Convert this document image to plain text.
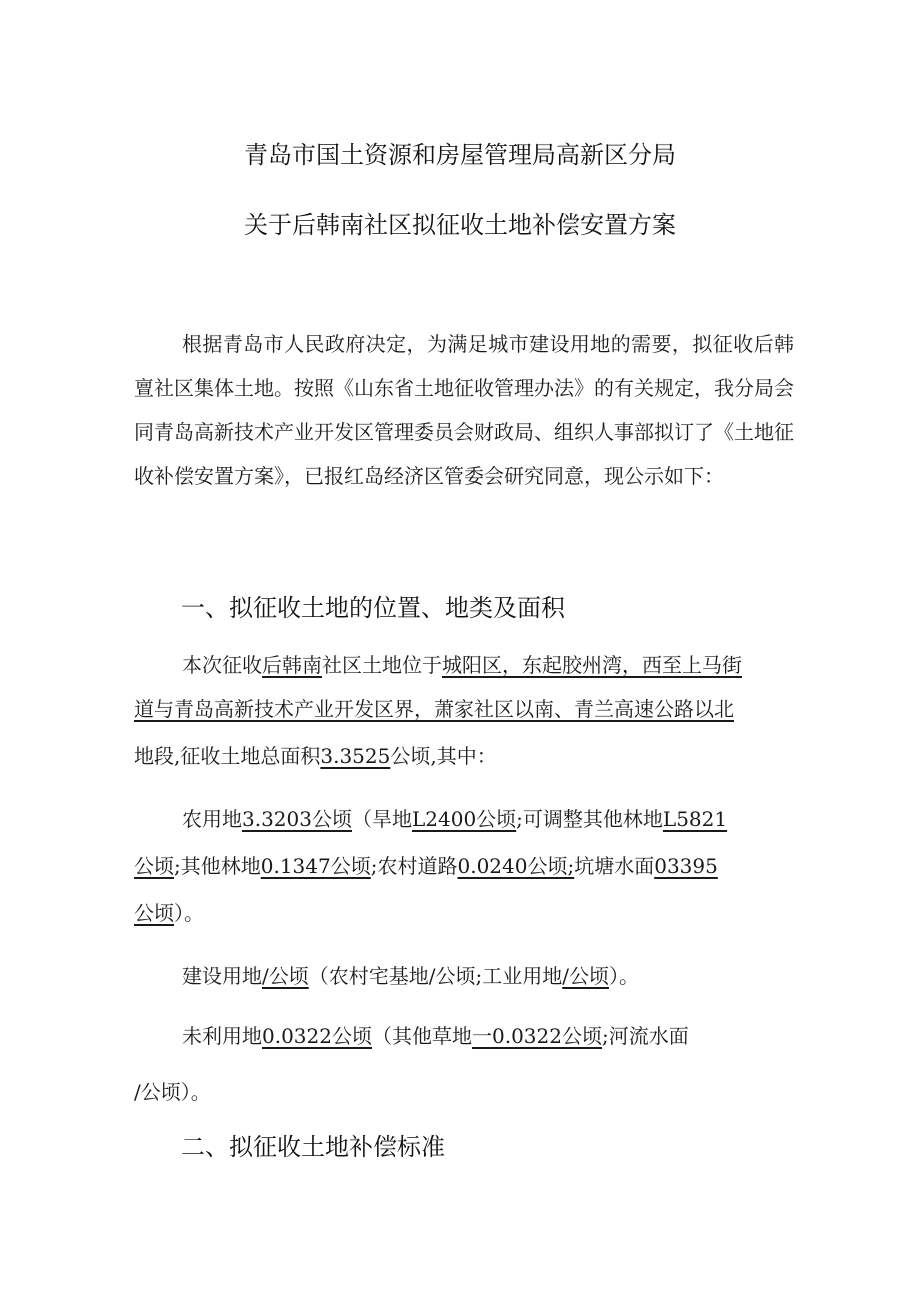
青岛市国土资源和房屋管理局高新区分局
关于后韩南社区拟征收土地补偿安置方案
根据青岛市人民政府决定，为满足城市建设用地的需要，拟征收后韩亶社区集体土地。按照《山东省土地征收管理办法》的有关规定，我分局会同青岛高新技术产业开发区管理委员会财政局、组织人事部拟订了《土地征收补偿安置方案》，已报红岛经济区管委会研究同意，现公示如下：
一、拟征收土地的位置、地类及面积
本次征收后韩南社区土地位于城阳区，东起胶州湾，西至上马街
道与青岛高新技术产业开发区界，萧家社区以南、青兰高速公路以北
地段,征收土地总面积3.3525公顷,其中：
农用地3.3203公顷（旱地L2400公顷;可调整其他林地L5821
公顷;其他林地0.1347公顷;农村道路0.0240公顷;坑塘水面03395
公顷）。
建设用地/公顷（农村宅基地/公顷;工业用地/公顷）。
未利用地0.0322公顷（其他草地一0.0322公顷;河流水面
/公顷）。
二、拟征收土地补偿标准
